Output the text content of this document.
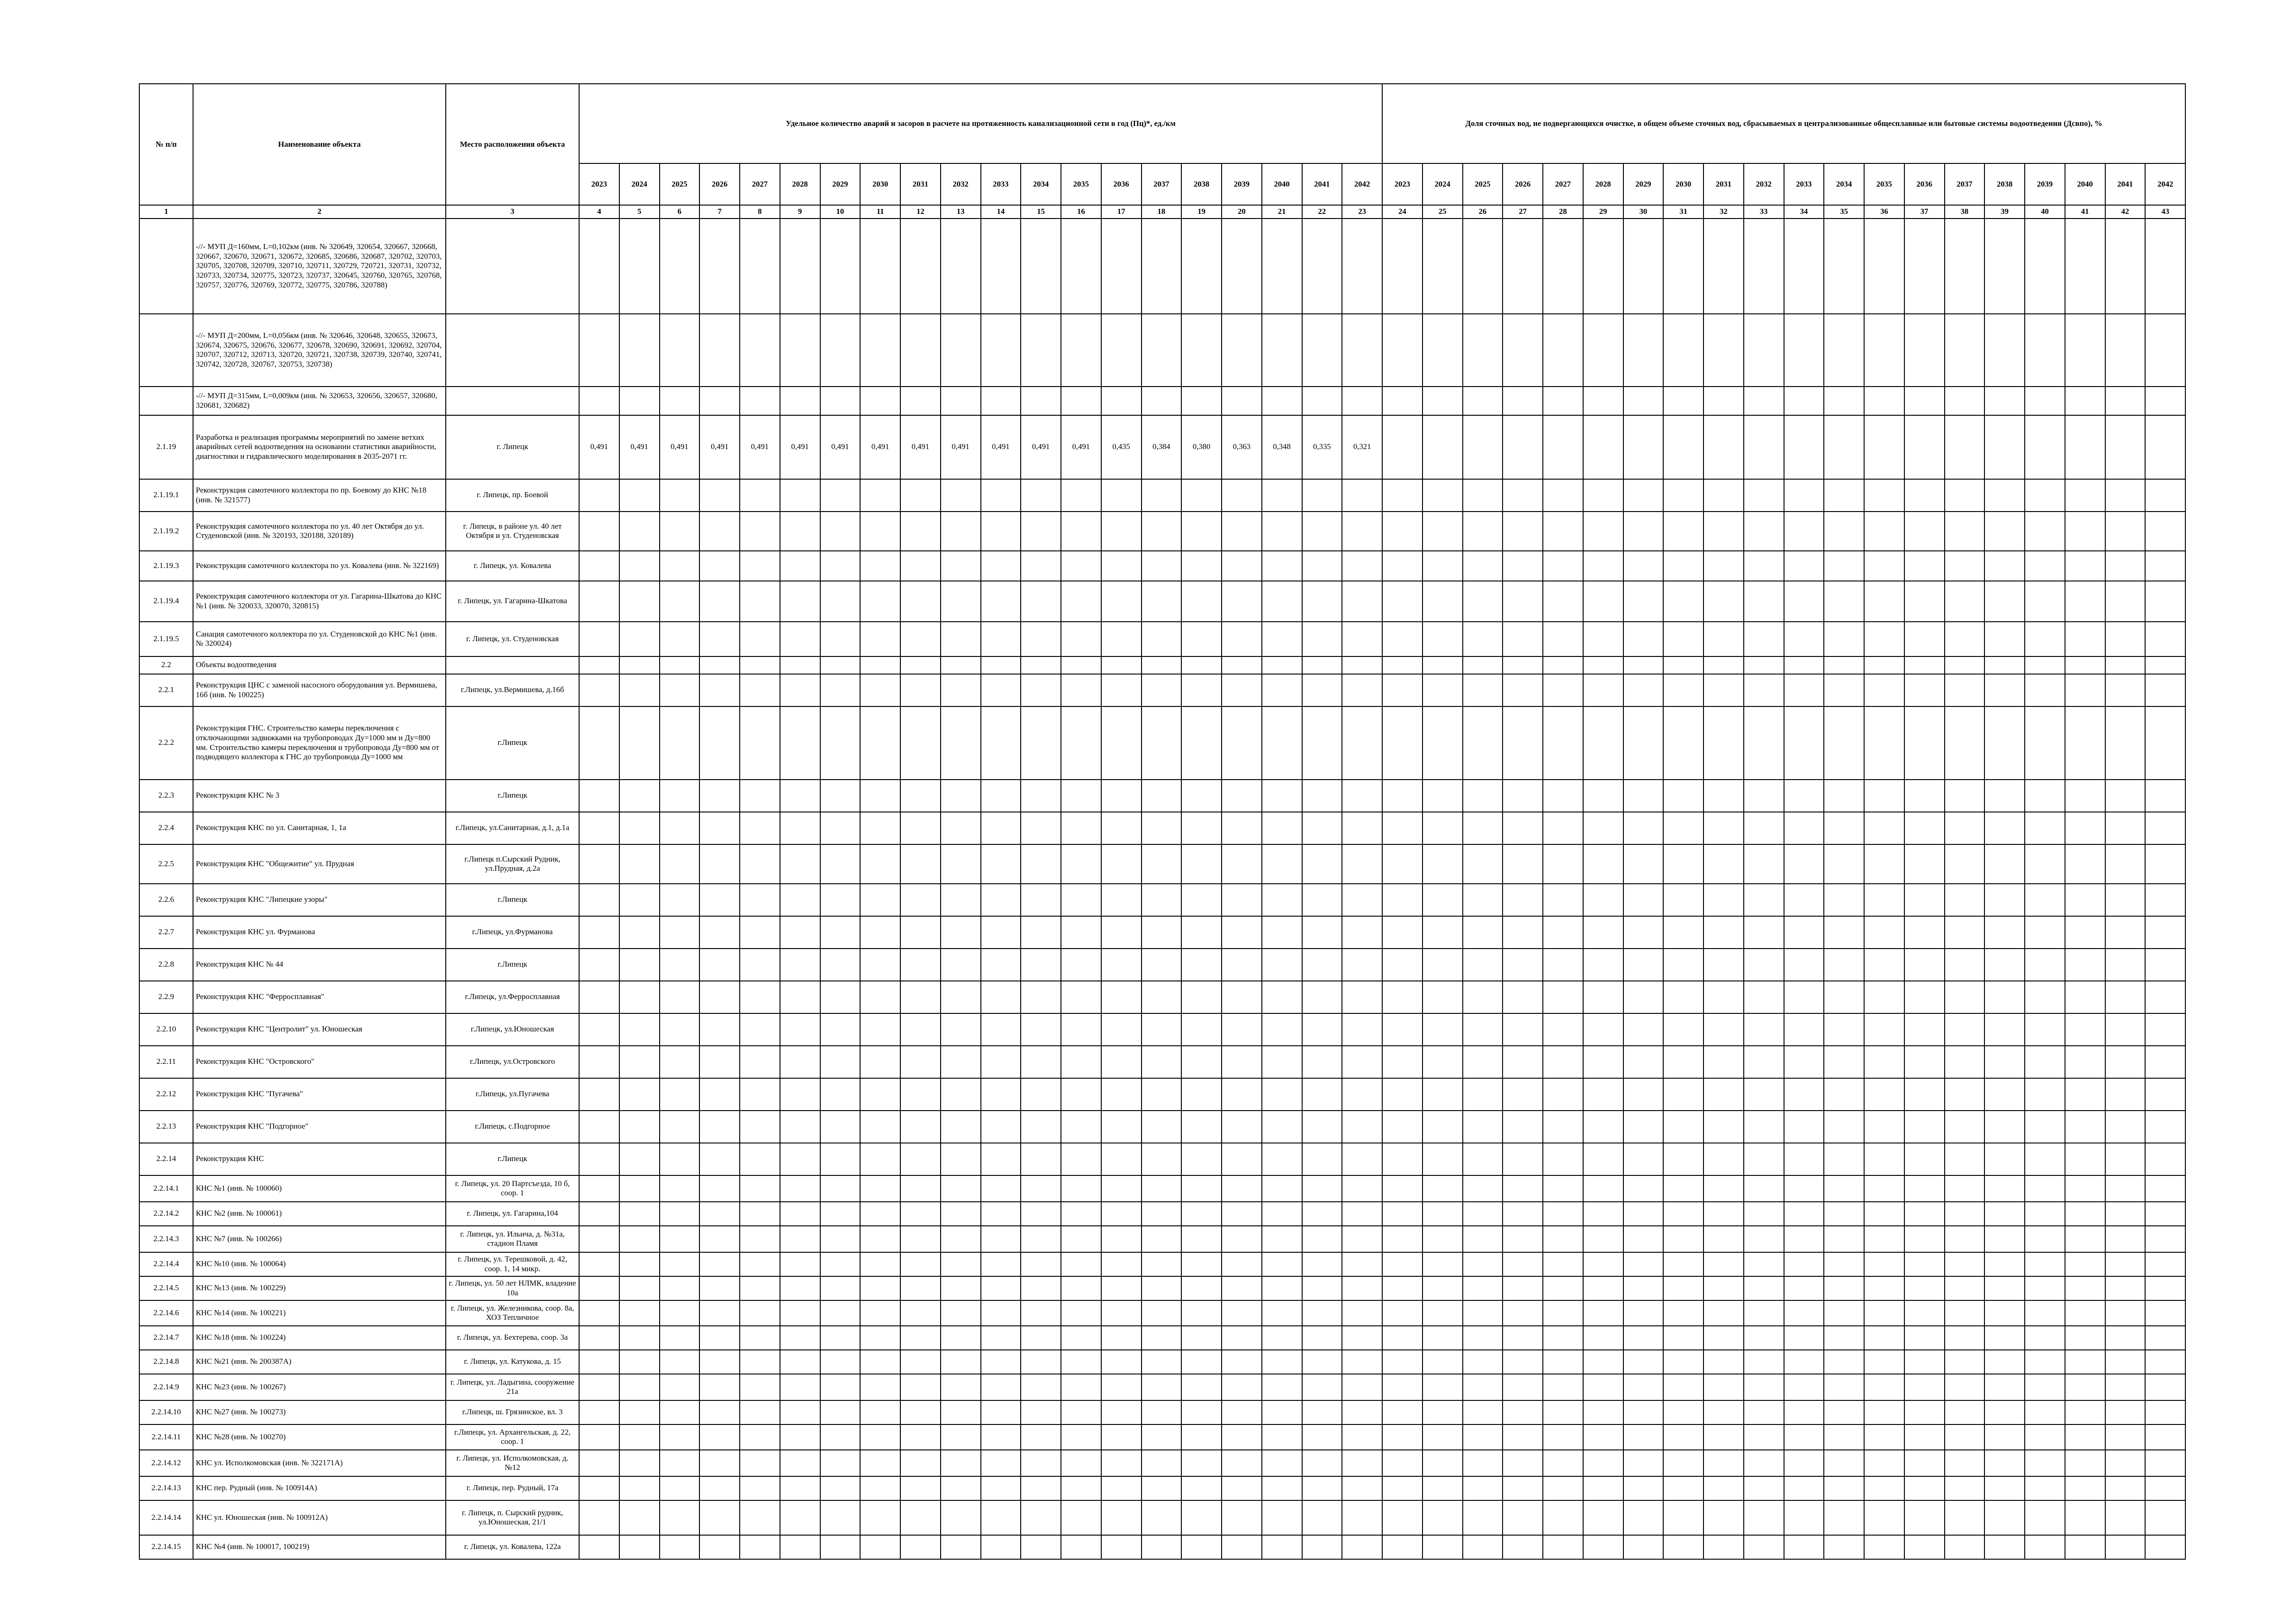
№ п/п	Наименование объекта	Место расположения объекта	Удельное количество аварий и засоров в расчете на протяженность канализационной сети в год (Пц)*, ед./км																				Доля сточных вод, не подвергающихся очистке, в общем объеме сточных вод, сбрасываемых в централизованные общесплавные или бытовые системы водоотведения (Дсвпо), %																			
			2023	2024	2025	2026	2027	2028	2029	2030	2031	2032	2033	2034	2035	2036	2037	2038	2039	2040	2041	2042	2023	2024	2025	2026	2027	2028	2029	2030	2031	2032	2033	2034	2035	2036	2037	2038	2039	2040	2041	2042
1	2	3	4	5	6	7	8	9	10	11	12	13	14	15	16	17	18	19	20	21	22	23	24	25	26	27	28	29	30	31	32	33	34	35	36	37	38	39	40	41	42	43
	-//- МУП Д=160мм, L=0,102км (инв. № 320649, 320654, 320667, 320668, 320667, 320670, 320671, 320672, 320685, 320686, 320687, 320702, 320703, 320705, 320708, 320709, 320710, 320711, 320729, 720721, 320731, 320732, 320733, 320734, 320775, 320723, 320737, 320645, 320760, 320765, 320768, 320757, 320776, 320769, 320772, 320775, 320786, 320788)																																									
	-//- МУП Д=200мм, L=0,056км (инв. № 320646, 320648, 320655, 320673, 320674, 320675, 320676, 320677, 320678, 320690, 320691, 320692, 320704, 320707, 320712, 320713, 320720, 320721, 320738, 320739, 320740, 320741, 320742, 320728, 320767, 320753, 320738)																																									
	-//- МУП Д=315мм, L=0,009км (инв. № 320653, 320656, 320657, 320680, 320681, 320682)																																									
2.1.19	Разработка и реализация программы мероприятий по замене ветхих аварийных сетей водоотведения на основании статистики аварийности, диагностики и гидравлического моделирования в 2035-2071 гг.	г. Липецк	0,491	0,491	0,491	0,491	0,491	0,491	0,491	0,491	0,491	0,491	0,491	0,491	0,491	0,435	0,384	0,380	0,363	0,348	0,335	0,321																				
2.1.19.1	Реконструкция самотечного коллектора по пр. Боевому до КНС №18 (инв. № 321577)	г. Липецк, пр. Боевой																																								
2.1.19.2	Реконструкция самотечного коллектора по ул. 40 лет Октября до ул. Студеновской (инв. № 320193, 320188, 320189)	г. Липецк, в районе ул. 40 лет Октября и ул. Студеновская																																								
2.1.19.3	Реконструкция самотечного коллектора по ул. Ковалева (инв. № 322169)	г. Липецк, ул. Ковалева																																								
2.1.19.4	Реконструкция самотечного коллектора от ул. Гагарина-Шкатова до КНС №1 (инв. № 320033, 320070, 320815)	г. Липецк, ул. Гагарина-Шкатова																																								
2.1.19.5	Санация самотечного коллектора по ул. Студеновской до КНС №1 (инв. № 320024)	г. Липецк, ул. Студеновская																																								
2.2	Объекты водоотведения																																									
2.2.1	Реконструкция ЦНС с заменой насосного оборудования ул. Вермишева, 16б (инв. № 100225)	г.Липецк, ул.Вермишева, д.16б																																								
2.2.2	Реконструкция ГНС. Строительство камеры переключения с отключающими задвижками на трубопроводах Ду=1000 мм и Ду=800 мм. Строительство камеры переключения и трубопровода Ду=800 мм от подводящего коллектора к ГНС до трубопровода Ду=1000 мм	г.Липецк																																								
2.2.3	Реконструкция КНС № 3	г.Липецк																																								
2.2.4	Реконструкция КНС по ул. Санитарная, 1, 1а	г.Липецк, ул.Санитарная, д.1, д.1а																																								
2.2.5	Реконструкция КНС "Общежитие" ул. Прудная	г.Липецк п.Сырский Рудник, ул.Прудная, д.2а																																								
2.2.6	Реконструкция КНС "Липецкие узоры"	г.Липецк																																								
2.2.7	Реконструкция КНС ул. Фурманова	г.Липецк, ул.Фурманова																																								
2.2.8	Реконструкция КНС № 44	г.Липецк																																								
2.2.9	Реконструкция КНС "Ферросплавная"	г.Липецк, ул.Ферросплавная																																								
2.2.10	Реконструкция КНС "Центролит" ул. Юношеская	г.Липецк, ул.Юношеская																																								
2.2.11	Реконструкция КНС "Островского"	г.Липецк, ул.Островского																																								
2.2.12	Реконструкция КНС "Пугачева"	г.Липецк, ул.Пугачева																																								
2.2.13	Реконструкция КНС "Подгорное"	г.Липецк, с.Подгорное																																								
2.2.14	Реконструкция КНС	г.Липецк																																								
2.2.14.1	КНС №1 (инв. № 100060)	г. Липецк, ул. 20 Партсъезда, 10 б, соор. 1																																								
2.2.14.2	КНС №2 (инв. № 100061)	г. Липецк, ул. Гагарина,104																																								
2.2.14.3	КНС №7 (инв. № 100266)	г. Липецк, ул. Ильича, д. №31а, стадион Пламя																																								
2.2.14.4	КНС №10 (инв. № 100064)	г. Липецк, ул. Терешковой, д. 42, соор. 1, 14 микр.																																								
2.2.14.5	КНС №13 (инв. № 100229)	г. Липецк, ул. 50 лет НЛМК, владение 10а																																								
2.2.14.6	КНС №14 (инв. № 100221)	г. Липецк, ул. Железникова, соор. 8а, ХОЗ Тепличное																																								
2.2.14.7	КНС №18 (инв. № 100224)	г. Липецк, ул. Бехтерева, соор. 3а																																								
2.2.14.8	КНС №21 (инв. № 200387А)	г. Липецк, ул. Катукова, д. 15																																								
2.2.14.9	КНС №23 (инв. № 100267)	г. Липецк, ул. Ладыгина, сооружение 21а																																								
2.2.14.10	КНС №27 (инв. № 100273)	г.Липецк, ш. Грязинское, вл. 3																																								
2.2.14.11	КНС №28 (инв. № 100270)	г.Липецк, ул. Архангельская, д. 22, соор. 1																																								
2.2.14.12	КНС ул. Исполкомовская (инв. № 322171А)	г. Липецк, ул. Исполкомовская, д. №12																																								
2.2.14.13	КНС пер. Рудный (инв. № 100914А)	г. Липецк, пер. Рудный, 17а																																								
2.2.14.14	КНС ул. Юношеская (инв. № 100912А)	г. Липецк, п. Сырский рудник, ул.Юношеская, 21/1																																								
2.2.14.15	КНС №4 (инв. № 100017, 100219)	г. Липецк, ул. Ковалева, 122а																																								
